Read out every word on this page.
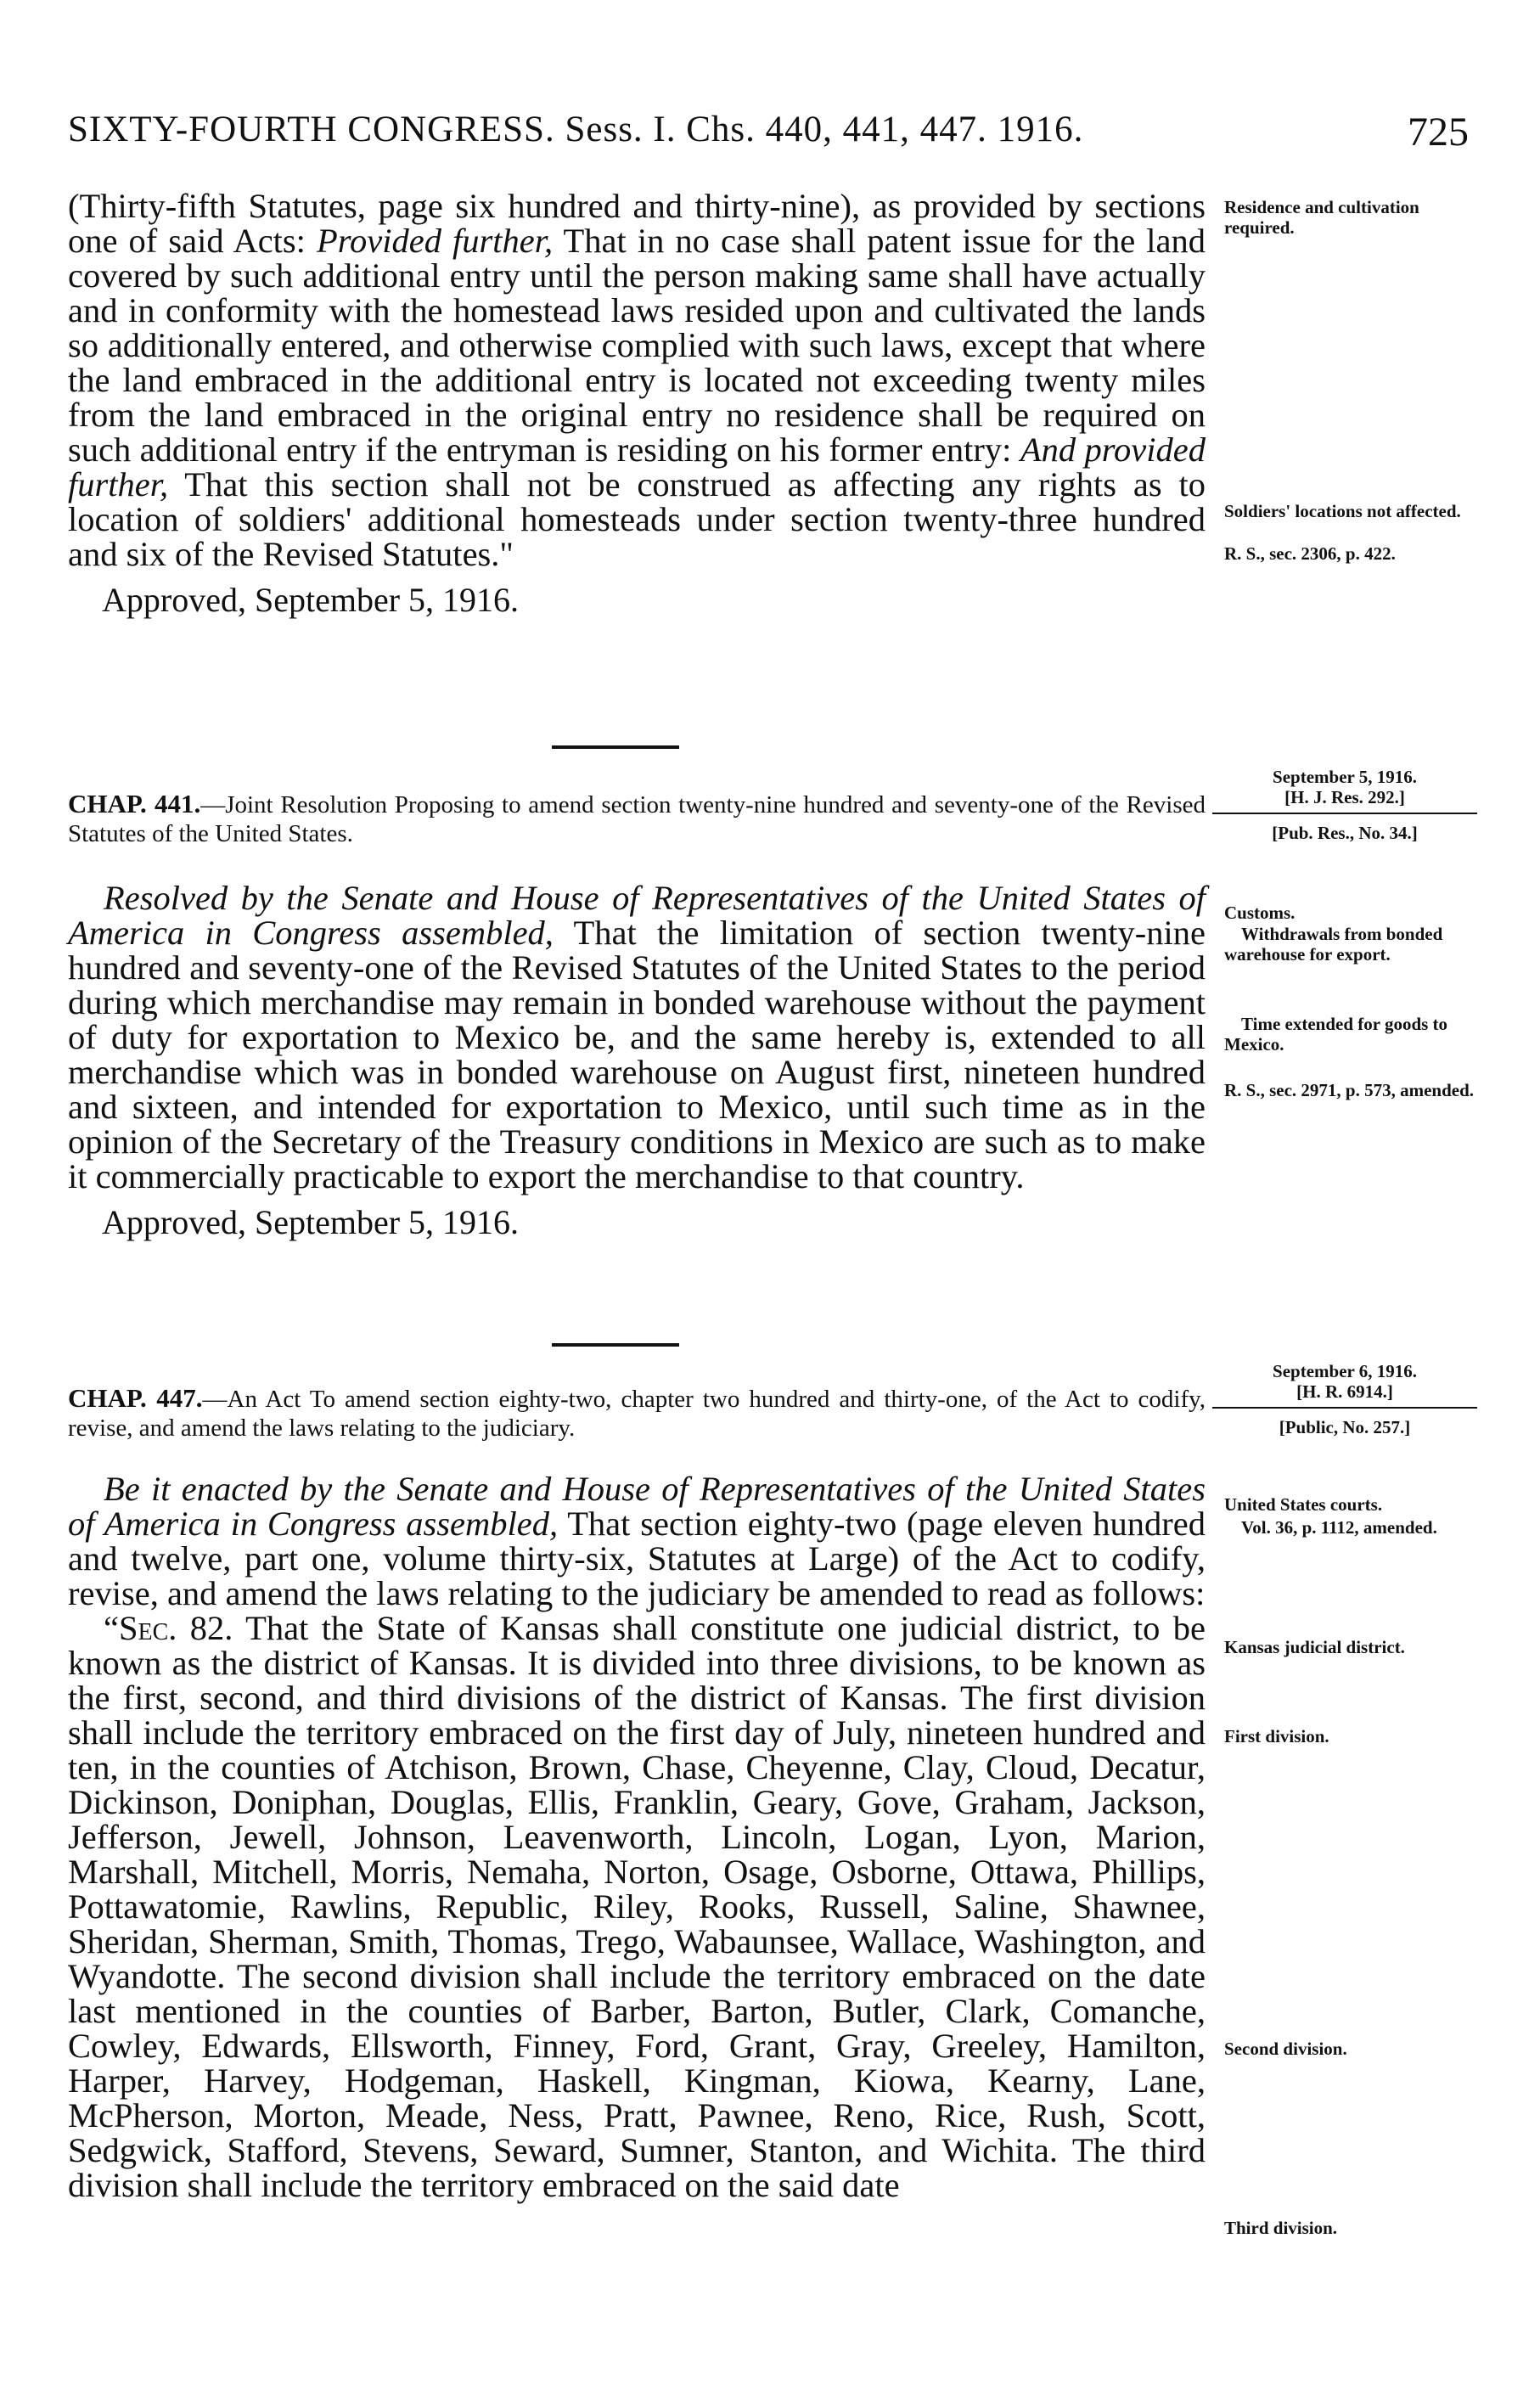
SIXTY-FOURTH CONGRESS. Sess. I. Chs. 440, 441, 447. 1916.	725

(Thirty-fifth Statutes, page six hundred and thirty-nine), as provided by sections one of said Acts: Provided further, That in no case shall patent issue for the land covered by such additional entry until the person making same shall have actually and in conformity with the homestead laws resided upon and cultivated the lands so additionally entered, and otherwise complied with such laws, except that where the land embraced in the additional entry is located not exceeding twenty miles from the land embraced in the original entry no residence shall be required on such additional entry if the entryman is residing on his former entry: And provided further, That this section shall not be construed as affecting any rights as to location of soldiers' additional homesteads under section twenty-three hundred and six of the Revised Statutes."

Approved, September 5, 1916.

Residence and cultivation required.
Soldiers' locations not affected.
R. S., sec. 2306, p. 422.
September 5, 1916.
[H. J. Res. 292.]
[Pub. Res., No. 34.]

CHAP. 441.—Joint Resolution Proposing to amend section twenty-nine hundred and seventy-one of the Revised Statutes of the United States.

Resolved by the Senate and House of Representatives of the United States of America in Congress assembled, That the limitation of section twenty-nine hundred and seventy-one of the Revised Statutes of the United States to the period during which merchandise may remain in bonded warehouse without the payment of duty for exportation to Mexico be, and the same hereby is, extended to all merchandise which was in bonded warehouse on August first, nineteen hundred and sixteen, and intended for exportation to Mexico, until such time as in the opinion of the Secretary of the Treasury conditions in Mexico are such as to make it commercially practicable to export the merchandise to that country.

Approved, September 5, 1916.

Customs.
Withdrawals from bonded warehouse for export.
Time extended for goods to Mexico.
R. S., sec. 2971, p. 573, amended.
September 6, 1916.
[H. R. 6914.]
[Public, No. 257.]

CHAP. 447.—An Act To amend section eighty-two, chapter two hundred and thirty-one, of the Act to codify, revise, and amend the laws relating to the judiciary.

Be it enacted by the Senate and House of Representatives of the United States of America in Congress assembled, That section eighty-two (page eleven hundred and twelve, part one, volume thirty-six, Statutes at Large) of the Act to codify, revise, and amend the laws relating to the judiciary be amended to read as follows:

“Sec. 82. That the State of Kansas shall constitute one judicial district, to be known as the district of Kansas. It is divided into three divisions, to be known as the first, second, and third divisions of the district of Kansas. The first division shall include the territory embraced on the first day of July, nineteen hundred and ten, in the counties of Atchison, Brown, Chase, Cheyenne, Clay, Cloud, Decatur, Dickinson, Doniphan, Douglas, Ellis, Franklin, Geary, Gove, Graham, Jackson, Jefferson, Jewell, Johnson, Leavenworth, Lincoln, Logan, Lyon, Marion, Marshall, Mitchell, Morris, Nemaha, Norton, Osage, Osborne, Ottawa, Phillips, Pottawatomie, Rawlins, Republic, Riley, Rooks, Russell, Saline, Shawnee, Sheridan, Sherman, Smith, Thomas, Trego, Wabaunsee, Wallace, Washington, and Wyandotte. The second division shall include the territory embraced on the date last mentioned in the counties of Barber, Barton, Butler, Clark, Comanche, Cowley, Edwards, Ellsworth, Finney, Ford, Grant, Gray, Greeley, Hamilton, Harper, Harvey, Hodgeman, Haskell, Kingman, Kiowa, Kearny, Lane, McPherson, Morton, Meade, Ness, Pratt, Pawnee, Reno, Rice, Rush, Scott, Sedgwick, Stafford, Stevens, Seward, Sumner, Stanton, and Wichita. The third division shall include the territory embraced on the said date

United States courts.
Vol. 36, p. 1112, amended.
Kansas judicial district.
First division.
Second division.
Third division.
